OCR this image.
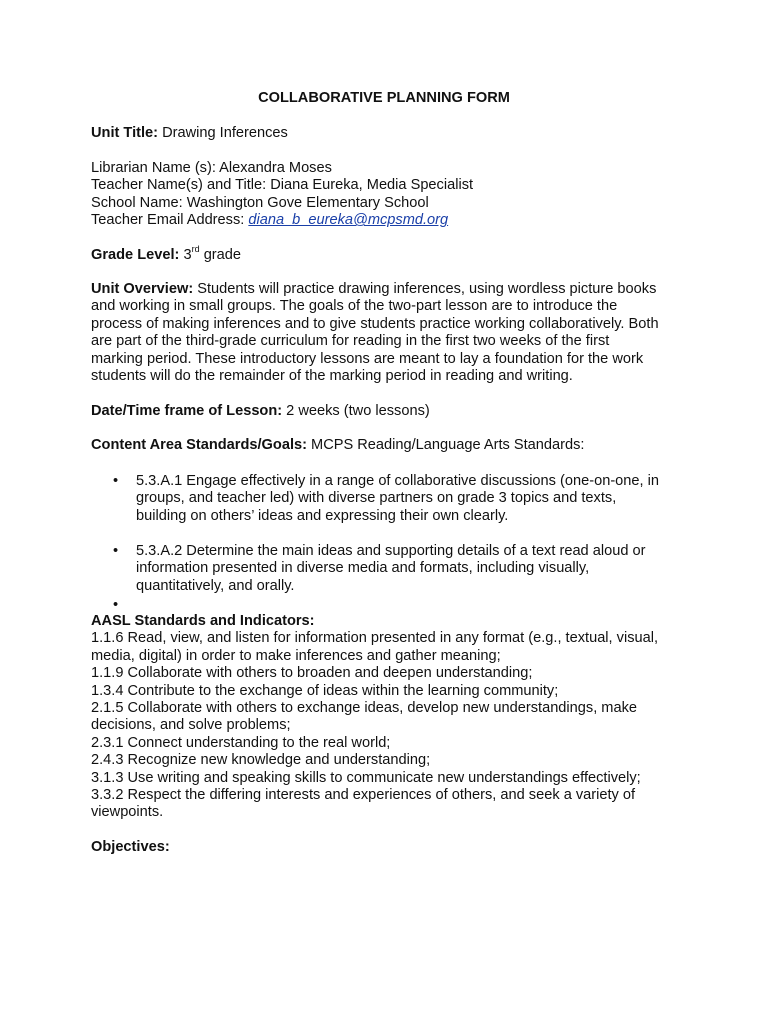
COLLABORATIVE PLANNING FORM
Unit Title: Drawing Inferences
Librarian Name (s): Alexandra Moses
Teacher Name(s) and Title: Diana Eureka, Media Specialist
School Name: Washington Gove Elementary School
Teacher Email Address: diana_b_eureka@mcpsmd.org
Grade Level: 3rd grade
Unit Overview: Students will practice drawing inferences, using wordless picture books
and working in small groups. The goals of the two-part lesson are to introduce the
process of making inferences and to give students practice working collaboratively. Both
are part of the third-grade curriculum for reading in the first two weeks of the first
marking period. These introductory lessons are meant to lay a foundation for the work
students will do the remainder of the marking period in reading and writing.
Date/Time frame of Lesson: 2 weeks (two lessons)
Content Area Standards/Goals: MCPS Reading/Language Arts Standards:
• 5.3.A.1 Engage effectively in a range of collaborative discussions (one-on-one, in
groups, and teacher led) with diverse partners on grade 3 topics and texts,
building on others’ ideas and expressing their own clearly.
• 5.3.A.2 Determine the main ideas and supporting details of a text read aloud or
information presented in diverse media and formats, including visually,
quantitatively, and orally.
•
AASL Standards and Indicators:
1.1.6 Read, view, and listen for information presented in any format (e.g., textual, visual,
media, digital) in order to make inferences and gather meaning;
1.1.9 Collaborate with others to broaden and deepen understanding;
1.3.4 Contribute to the exchange of ideas within the learning community;
2.1.5 Collaborate with others to exchange ideas, develop new understandings, make
decisions, and solve problems;
2.3.1 Connect understanding to the real world;
2.4.3 Recognize new knowledge and understanding;
3.1.3 Use writing and speaking skills to communicate new understandings effectively;
3.3.2 Respect the differing interests and experiences of others, and seek a variety of
viewpoints.
Objectives:
